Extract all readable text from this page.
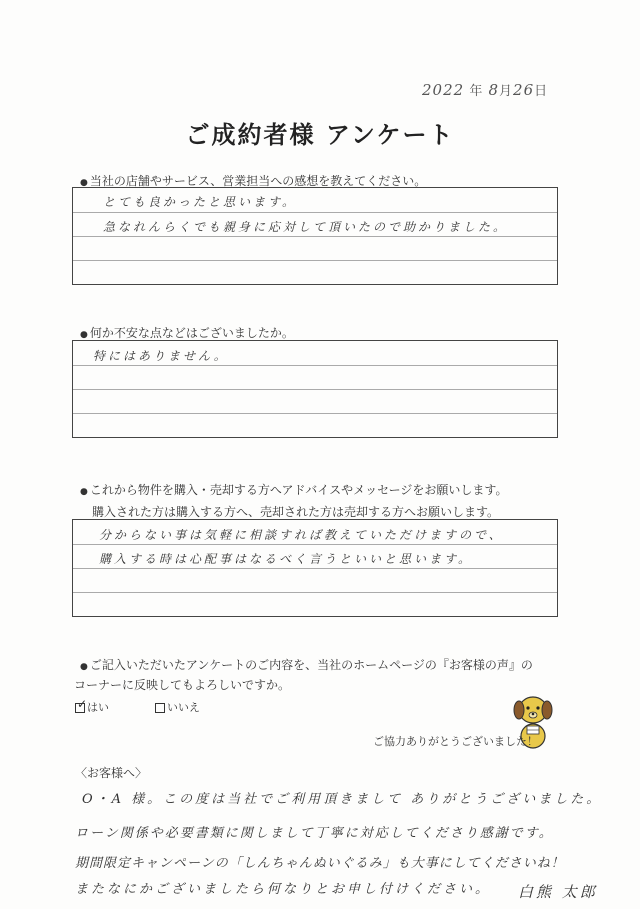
2022 年 8月26日
ご成約者様 アンケート
● 当社の店舗やサービス、営業担当への感想を教えてください。
とても良かったと思います。
急なれんらくでも親身に応対して頂いたので助かりました。
● 何か不安な点などはございましたか。
特にはありません。
● これから物件を購入・売却する方へアドバイスやメッセージをお願いします。
購入された方は購入する方へ、売却された方は売却する方へお願いします。
分からない事は気軽に相談すれば教えていただけますので、
購入する時は心配事はなるべく言うといいと思います。
● ご記入いただいたアンケートのご内容を、当社のホームページの『お客様の声』の
コーナーに反映してもよろしいですか。
✓ はい	いいえ
ご協力ありがとうございました！
〈お客様へ〉
O・A 様。この度は当社でご利用頂きまして ありがとうございました。
ローン関係や必要書類に関しまして丁寧に対応してくださり感謝です。
期間限定キャンペーンの「しんちゃんぬいぐるみ」も大事にしてくださいね！
またなにかございましたら何なりとお申し付けください。 白熊 太郎
